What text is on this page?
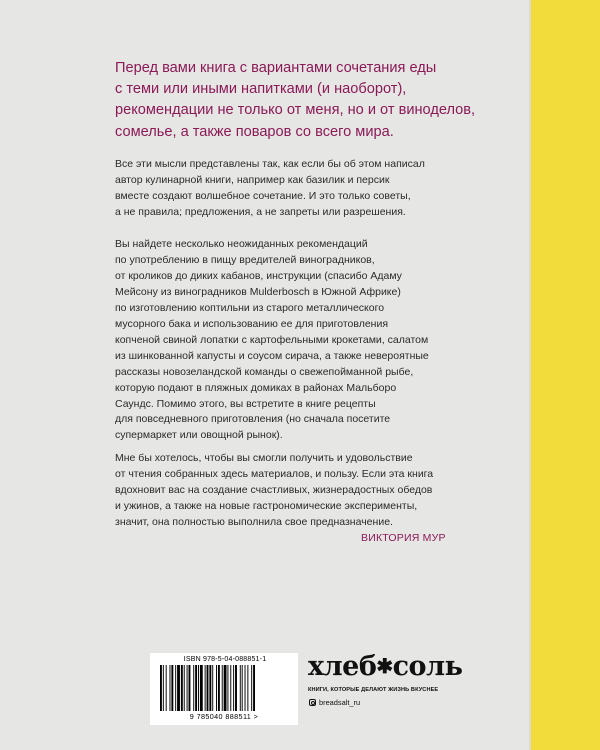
Перед вами книга с вариантами сочетания еды
с теми или иными напитками (и наоборот),
рекомендации не только от меня, но и от виноделов,
сомелье, а также поваров со всего мира.
Все эти мысли представлены так, как если бы об этом написал
автор кулинарной книги, например как базилик и персик
вместе создают волшебное сочетание. И это только советы,
а не правила; предложения, а не запреты или разрешения.
Вы найдете несколько неожиданных рекомендаций
по употреблению в пищу вредителей виноградников,
от кроликов до диких кабанов, инструкции (спасибо Адаму
Мейсону из виноградников Mulderbosch в Южной Африке)
по изготовлению коптильни из старого металлического
мусорного бака и использованию ее для приготовления
копченой свиной лопатки с картофельными крокетами, салатом
из шинкованной капусты и соусом сирача, а также невероятные
рассказы новозеландской команды о свежепойманной рыбе,
которую подают в пляжных домиках в районах Мальборо
Саундс. Помимо этого, вы встретите в книге рецепты
для повседневного приготовления (но сначала посетите
супермаркет или овощной рынок).
Мне бы хотелось, чтобы вы смогли получить и удовольствие
от чтения собранных здесь материалов, и пользу. Если эта книга
вдохновит вас на создание счастливых, жизнерадостных обедов
и ужинов, а также на новые гастрономические эксперименты,
значит, она полностью выполнила свое предназначение.
ВИКТОРИЯ МУР
ISBN 978-5-04-088851-1
9 785040 888511 >
хлеб✱соль
КНИГИ, КОТОРЫЕ ДЕЛАЮТ ЖИЗНЬ ВКУСНЕЕ
breadsalt_ru
